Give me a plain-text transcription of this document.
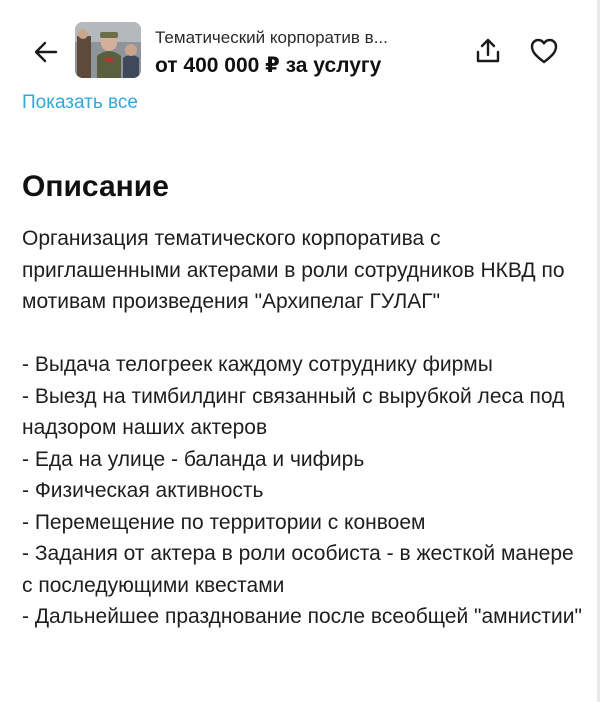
Тематический корпоратив в...
от 400 000 ₽ за услугу
Показать все
Описание

Организация тематического корпоратива с приглашенными актерами в роли сотрудников НКВД по мотивам произведения "Архипелаг ГУЛАГ"

- Выдача телогреек каждому сотруднику фирмы
- Выезд на тимбилдинг связанный с вырубкой леса под надзором наших актеров
- Еда на улице - баланда и чифирь
- Физическая активность
- Перемещение по территории с конвоем
- Задания от актера в роли особиста - в жесткой манере с последующими квестами
- Дальнейшее празднование после всеобщей "амнистии"
